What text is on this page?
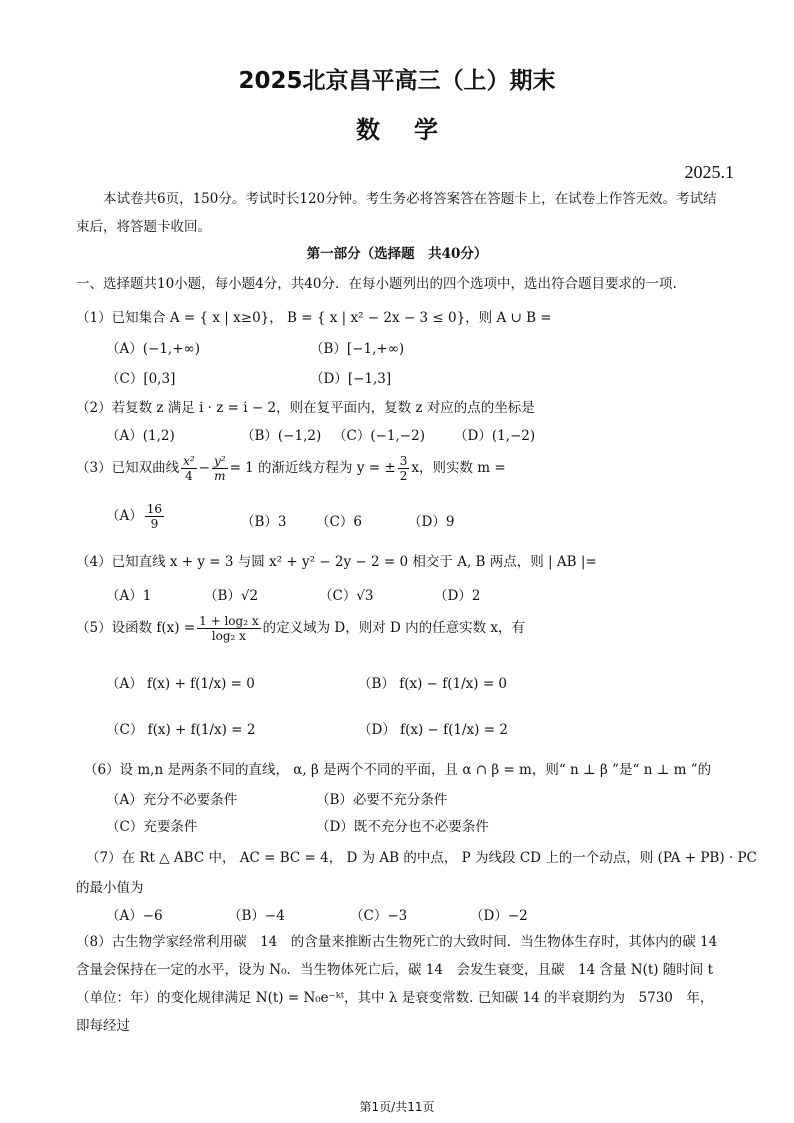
2025北京昌平高三（上）期末
数学
2025.1
本试卷共6页，150分。考试时长120分钟。考生务必将答案答在答题卡上，在试卷上作答无效。考试结束后，将答题卡收回。
第一部分（选择题　共40分）
一、选择题共10小题，每小题4分，共40分．在每小题列出的四个选项中，选出符合题目要求的一项.
（1）已知集合 A = { x | x≥0}， B = { x | x² − 2x − 3 ≤ 0}，则 A ∪ B =
（A）(−1,+∞)	（B）[−1,+∞)
（C）[0,3]	（D）[−1,3]
（2）若复数 z 满足 i · z = i − 2，则在复平面内，复数 z 对应的点的坐标是
（A）(1,2)	（B）(−1,2) （C）(−1,−2) （D）(1,−2)
（3）已知双曲线 $\frac{\text{x²}}{4} - \frac{\text{y²}}{m} = 1$ 的渐近线方程为 y = ± $\frac{3}{2}$ x，则实数 m =
$(A) \frac{16}{9}$	（B）3 （C）6	（D）9
（4）已知直线 x + y = 3 与圆 x² + y² − 2y − 2 = 0 相交于 A, B 两点，则 | AB |=
（A）1	（B）√2	（C）√3	（D）2
（5）设函数 $f(x) = \frac{\text{1 + log₂ x}}{\text{log₂ x}}$ 的定义域为 D，则对 D 内的任意实数 x，有
（A） f(x) + f(1/x) = 0	（B） f(x) − f(1/x) = 0
（C） f(x) + f(1/x) = 2	（D） f(x) − f(1/x) = 2
（6）设 m,n 是两条不同的直线， α, β 是两个不同的平面，且 α ∩ β = m，则“ n ⊥ β ”是“ n ⊥ m ”的
（A）充分不必要条件	（B）必要不充分条件
（C）充要条件	（D）既不充分也不必要条件
（7）在 Rt △ ABC 中， AC = BC = 4， D 为 AB 的中点， P 为线段 CD 上的一个动点，则 (PA + PB) · PC
的最小值为
（A）−6	（B）−4	（C）−3	（D）−2
（8）古生物学家经常利用碳　14　的含量来推断古生物死亡的大致时间．当生物体生存时，其体内的碳 14 含量会保持在一定的水平，设为 N₀．当生物体死亡后，碳 14　会发生衰变，且碳　14 含量 N(t) 随时间 t（单位：年）的变化规律满足 N(t) = N₀e⁻ᵏᵗ，其中 λ 是衰变常数. 已知碳 14 的半衰期约为　5730　年，即每经过
第1页/共11页
